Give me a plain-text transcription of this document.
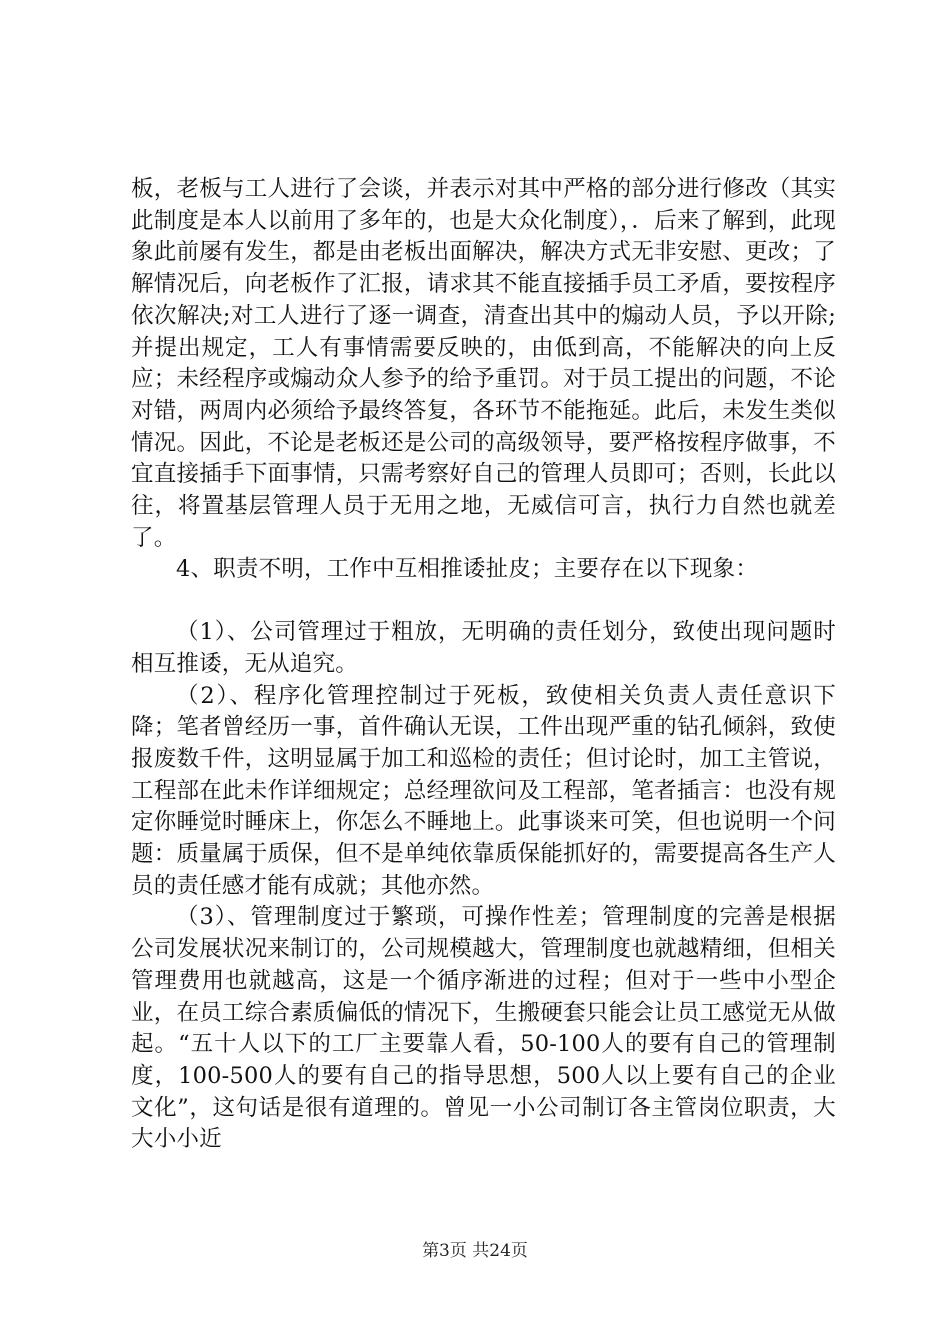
板，老板与工人进行了会谈，并表示对其中严格的部分进行修改（其实此制度是本人以前用了多年的，也是大众化制度），．后来了解到，此现象此前屡有发生，都是由老板出面解决，解决方式无非安慰、更改；了解情况后，向老板作了汇报，请求其不能直接插手员工矛盾，要按程序依次解决;对工人进行了逐一调查，清查出其中的煽动人员，予以开除;并提出规定，工人有事情需要反映的，由低到高，不能解决的向上反应；未经程序或煽动众人参予的给予重罚。对于员工提出的问题，不论对错，两周内必须给予最终答复，各环节不能拖延。此后，未发生类似情况。因此，不论是老板还是公司的高级领导，要严格按程序做事，不宜直接插手下面事情，只需考察好自己的管理人员即可；否则，长此以往，将置基层管理人员于无用之地，无威信可言，执行力自然也就差了。

4、职责不明，工作中互相推诿扯皮；主要存在以下现象：

（1）、公司管理过于粗放，无明确的责任划分，致使出现问题时相互推诿，无从追究。

（2）、程序化管理控制过于死板，致使相关负责人责任意识下降；笔者曾经历一事，首件确认无误，工件出现严重的钻孔倾斜，致使报废数千件，这明显属于加工和巡检的责任；但讨论时，加工主管说，工程部在此未作详细规定；总经理欲问及工程部，笔者插言：也没有规定你睡觉时睡床上，你怎么不睡地上。此事谈来可笑，但也说明一个问题：质量属于质保，但不是单纯依靠质保能抓好的，需要提高各生产人员的责任感才能有成就；其他亦然。

（3）、管理制度过于繁琐，可操作性差；管理制度的完善是根据公司发展状况来制订的，公司规模越大，管理制度也就越精细，但相关管理费用也就越高，这是一个循序渐进的过程；但对于一些中小型企业，在员工综合素质偏低的情况下，生搬硬套只能会让员工感觉无从做起。“五十人以下的工厂主要靠人看，50-100人的要有自己的管理制度，100-500人的要有自己的指导思想，500人以上要有自己的企业文化”，这句话是很有道理的。曾见一小公司制订各主管岗位职责，大大小小近

第3页 共24页
